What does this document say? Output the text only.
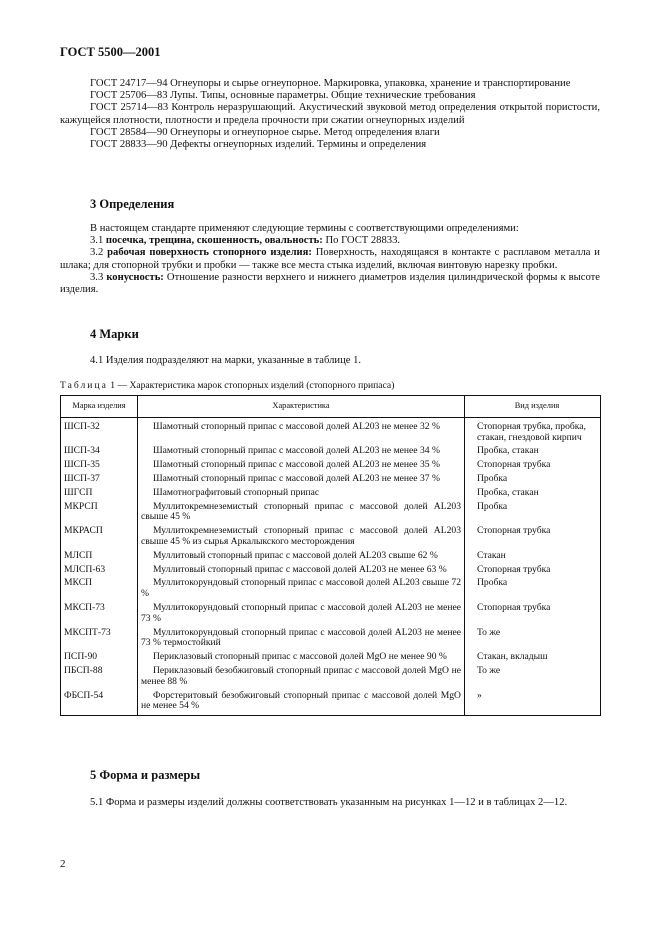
ГОСТ 5500—2001

ГОСТ 24717—94 Огнеупоры и сырье огнеупорное. Маркировка, упаковка, хранение и транспортирование

ГОСТ 25706—83 Лупы. Типы, основные параметры. Общие технические требования

ГОСТ 25714—83 Контроль неразрушающий. Акустический звуковой метод определения открытой пористости, кажущейся плотности, плотности и предела прочности при сжатии огнеупорных изделий

ГОСТ 28584—90 Огнеупоры и огнеупорное сырье. Метод определения влаги

ГОСТ 28833—90 Дефекты огнеупорных изделий. Термины и определения

3 Определения

В настоящем стандарте применяют следующие термины с соответствующими определениями:

3.1 посечка, трещина, скошенность, овальность: По ГОСТ 28833.

3.2 рабочая поверхность стопорного изделия: Поверхность, находящаяся в контакте с расплавом металла и шлака; для стопорной трубки и пробки — также все места стыка изделий, включая винтовую нарезку пробки.

3.3 конусность: Отношение разности верхнего и нижнего диаметров изделия цилиндрической формы к высоте изделия.

4 Марки

4.1 Изделия подразделяют на марки, указанные в таблице 1.

Таблица 1 — Характеристика марок стопорных изделий (стопорного припаса)
Марка изделия	Характеристика	Вид изделия
ШСП-32	Шамотный стопорный припас с массовой долей AL203 не менее 32 %	Стопорная трубка, пробка, стакан, гнездовой кирпич
ШСП-34	Шамотный стопорный припас с массовой долей AL203 не менее 34 %	Пробка, стакан
ШСП-35	Шамотный стопорный припас с массовой долей AL203 не менее 35 %	Стопорная трубка
ШСП-37	Шамотный стопорный припас с массовой долей AL203 не менее 37 %	Пробка
ШГСП	Шамотнографитовый стопорный припас	Пробка, стакан
МКРСП	Муллитокремнеземистый стопорный припас с массовой долей AL203 свыше 45 %	Пробка
МКРАСП	Муллитокремнеземистый стопорный припас с массовой долей AL203 свыше 45 % из сырья Аркалыкского месторождения	Стопорная трубка
МЛСП	Муллитовый стопорный припас с массовой долей AL203 свыше 62 %	Стакан
МЛСП-63	Муллитовый стопорный припас с массовой долей AL203 не менее 63 %	Стопорная трубка
МКСП	Муллитокорундовый стопорный припас с массовой долей AL203 свыше 72 %	Пробка
МКСП-73	Муллитокорундовый стопорный припас с массовой долей AL203 не менее 73 %	Стопорная трубка
МКСПТ-73	Муллитокорундовый стопорный припас с массовой долей AL203 не менее 73 % термостойкий	То же
ПСП-90	Периклазовый стопорный припас с массовой долей MgO не менее 90 %	Стакан, вкладыш
ПБСП-88	Периклазовый безобжиговый стопорный припас с массовой долей MgO не менее 88 %	То же
ФБСП-54	Форстеритовый безобжиговый стопорный припас с массовой долей MgO не менее 54 %	»
5 Форма и размеры

5.1 Форма и размеры изделий должны соответствовать указанным на рисунках 1—12 и в таблицах 2—12.

2
